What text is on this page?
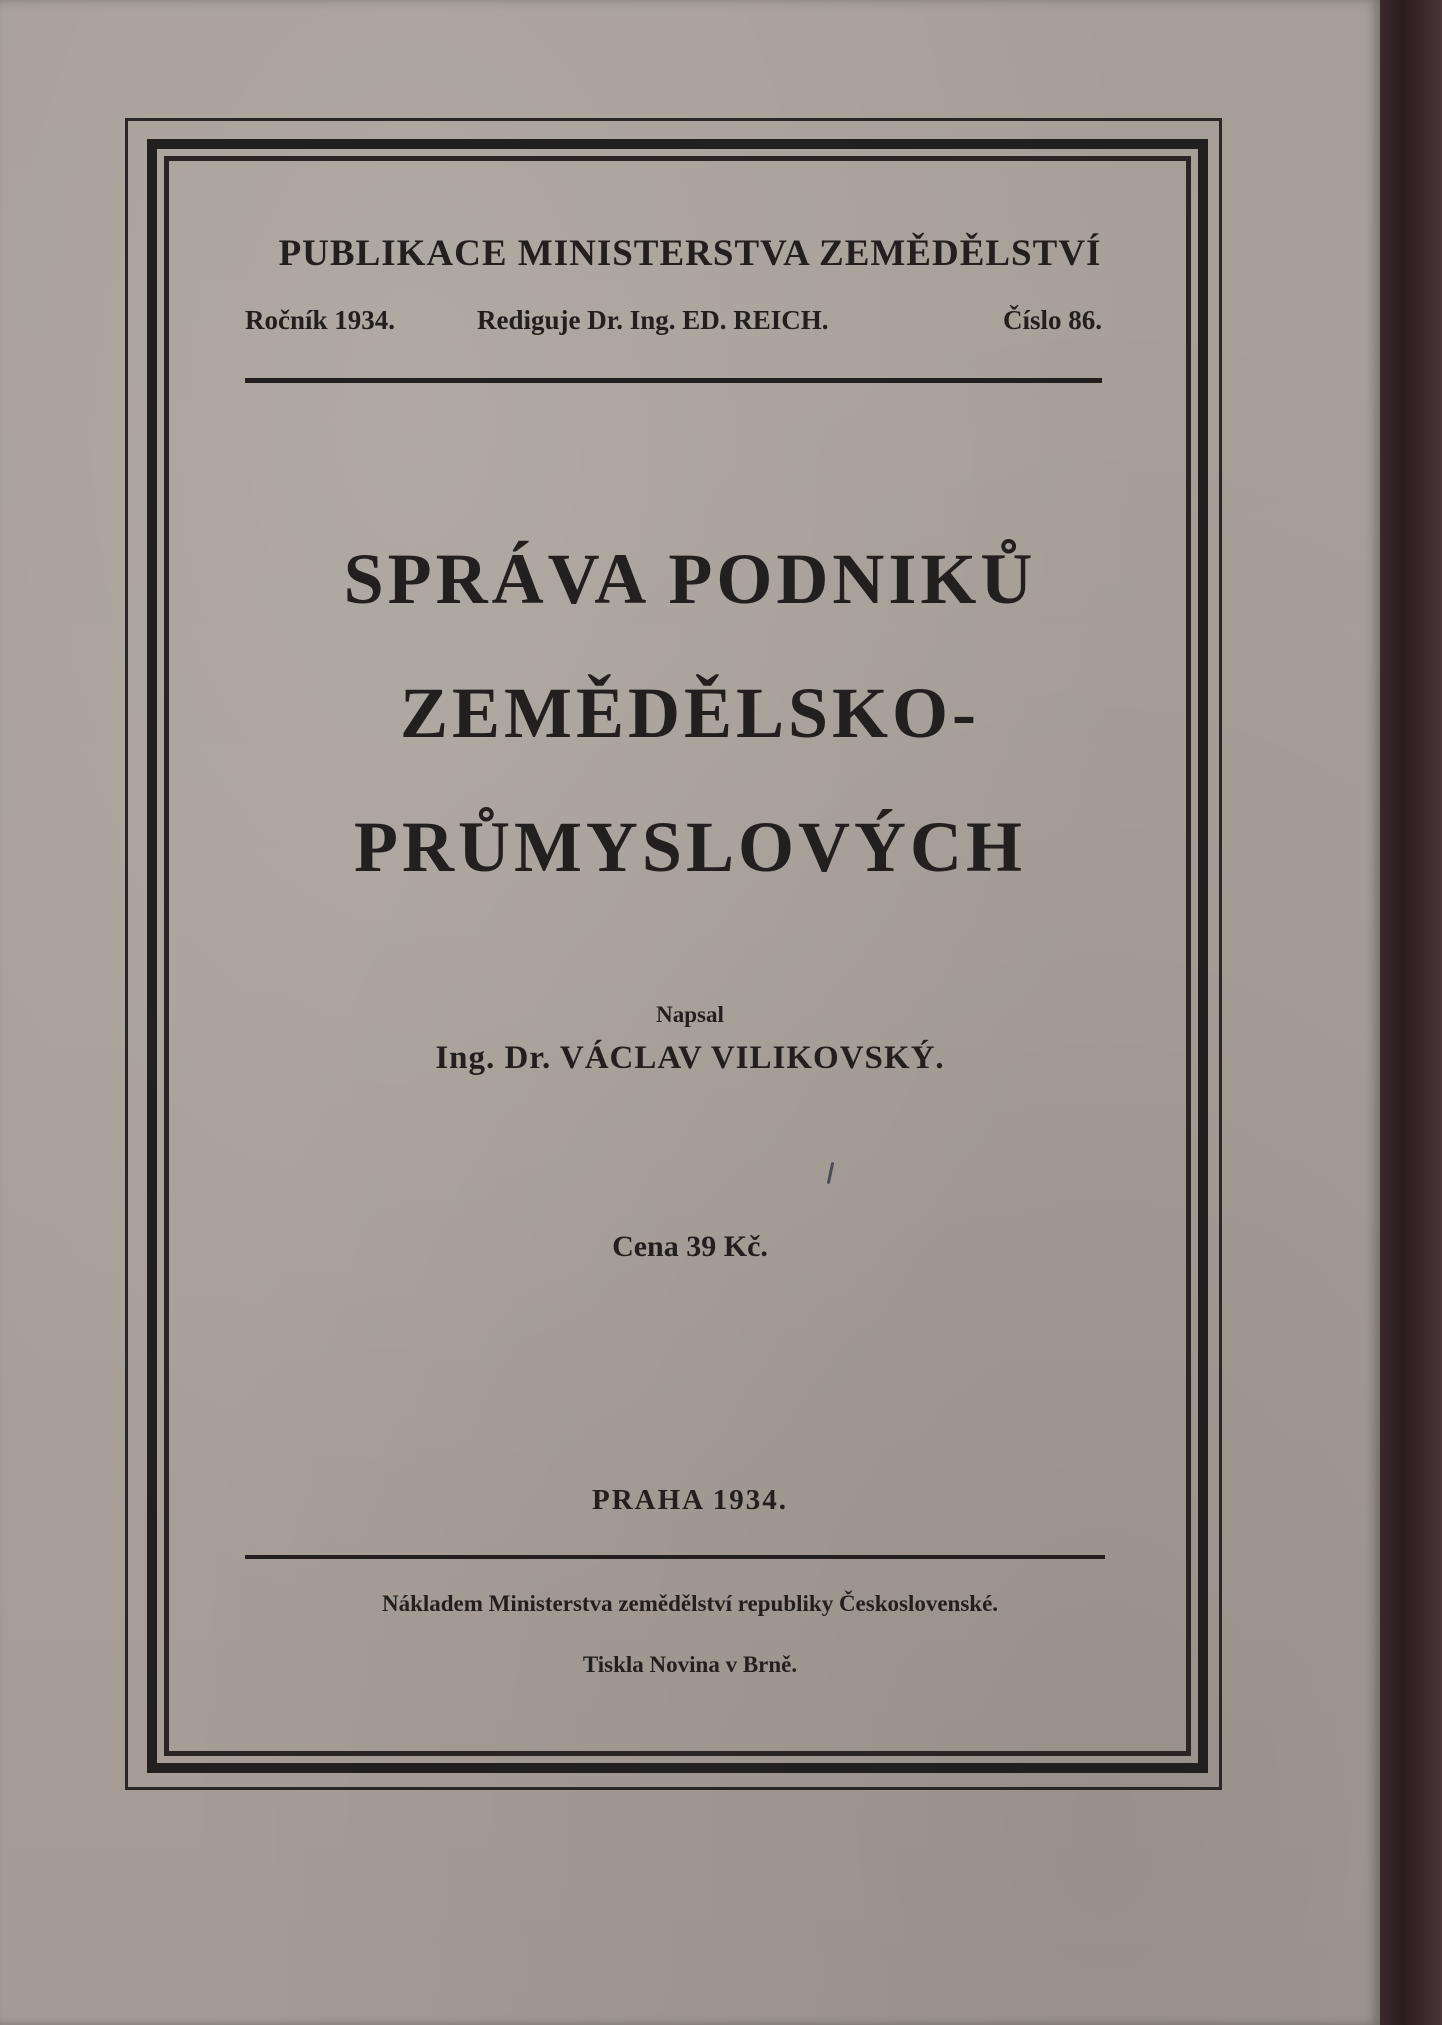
PUBLIKACE MINISTERSTVA ZEMĚDĚLSTVÍ
Ročník 1934.	Rediguje Dr. Ing. ED. REICH.	Číslo 86.
SPRÁVA PODNIKŮ
ZEMĚDĚLSKO-
PRŮMYSLOVÝCH
Napsal
Ing. Dr. VÁCLAV VILIKOVSKÝ.
Cena 39 Kč.
PRAHA 1934.
Nákladem Ministerstva zemědělství republiky Československé.
Tiskla Novina v Brně.
